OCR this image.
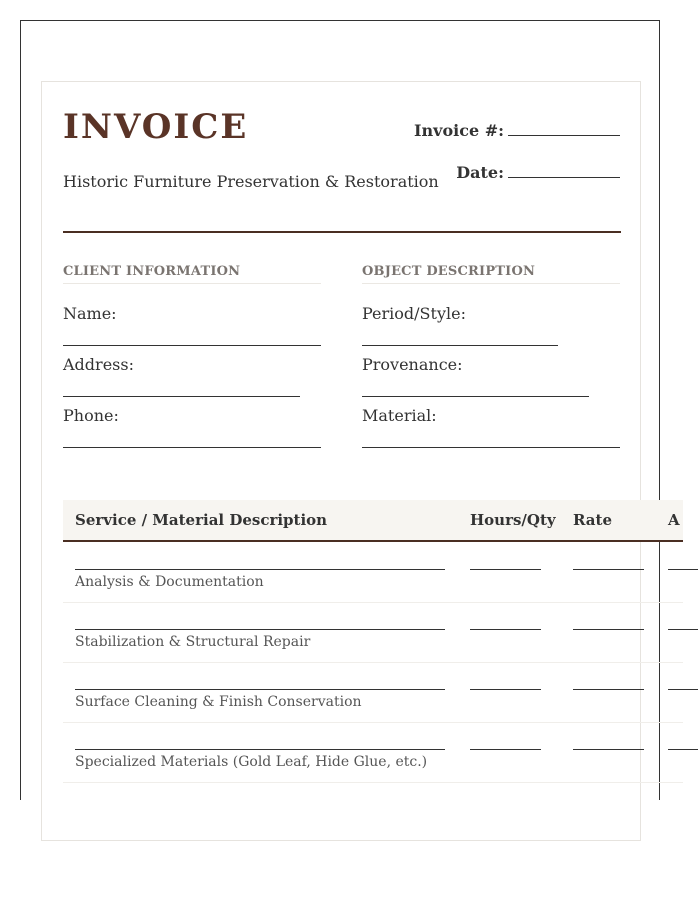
INVOICE
Historic Furniture Preservation & Restoration
Invoice #:
Date:
CLIENT INFORMATION
Name:
Address:
Phone:
OBJECT DESCRIPTION
Period/Style:
Provenance:
Material:
Service / Material Description	Hours/Qty Rate	A
Analysis & Documentation
Stabilization & Structural Repair
Surface Cleaning & Finish Conservation
Specialized Materials (Gold Leaf, Hide Glue, etc.)
